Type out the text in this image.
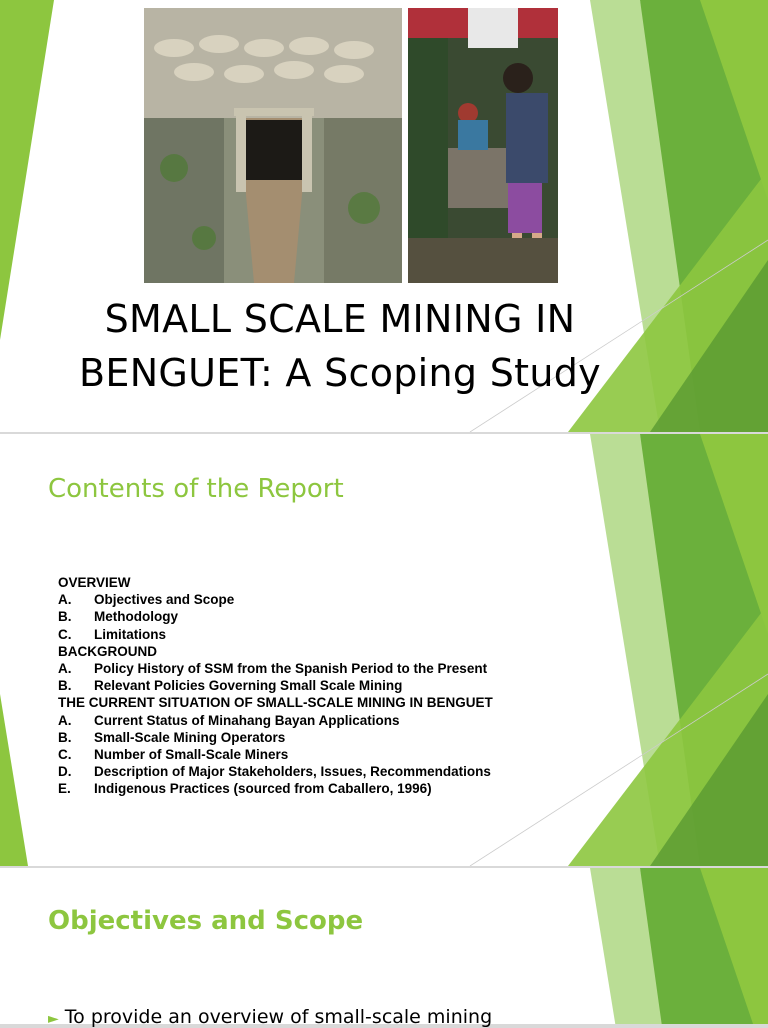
SMALL SCALE MINING IN
BENGUET: A Scoping Study
Contents of the Report
OVERVIEW
A. Objectives and Scope
B. Methodology
C. Limitations
BACKGROUND
A. Policy History of SSM from the Spanish Period to the Present
B. Relevant Policies Governing Small Scale Mining
THE CURRENT SITUATION OF SMALL-SCALE MINING IN BENGUET
A. Current Status of Minahang Bayan Applications
B. Small-Scale Mining Operators
C. Number of Small-Scale Miners
D. Description of Major Stakeholders, Issues, Recommendations
E. Indigenous Practices (sourced from Caballero, 1996)
Objectives and Scope
► To provide an overview of small-scale mining
